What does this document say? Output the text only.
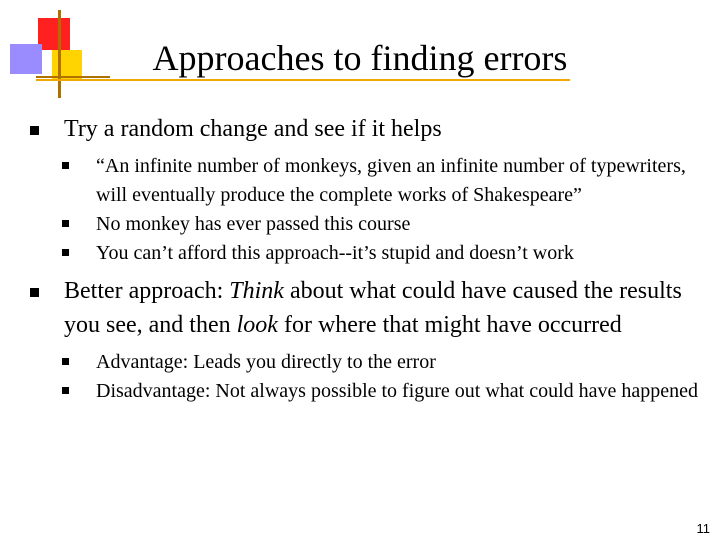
Approaches to finding errors
Try a random change and see if it helps
“An infinite number of monkeys, given an infinite number of typewriters, will eventually produce the complete works of Shakespeare”
No monkey has ever passed this course
You can’t afford this approach--it’s stupid and doesn’t work
Better approach: Think about what could have caused the results you see, and then look for where that might have occurred
Advantage: Leads you directly to the error
Disadvantage: Not always possible to figure out what could have happened
11
